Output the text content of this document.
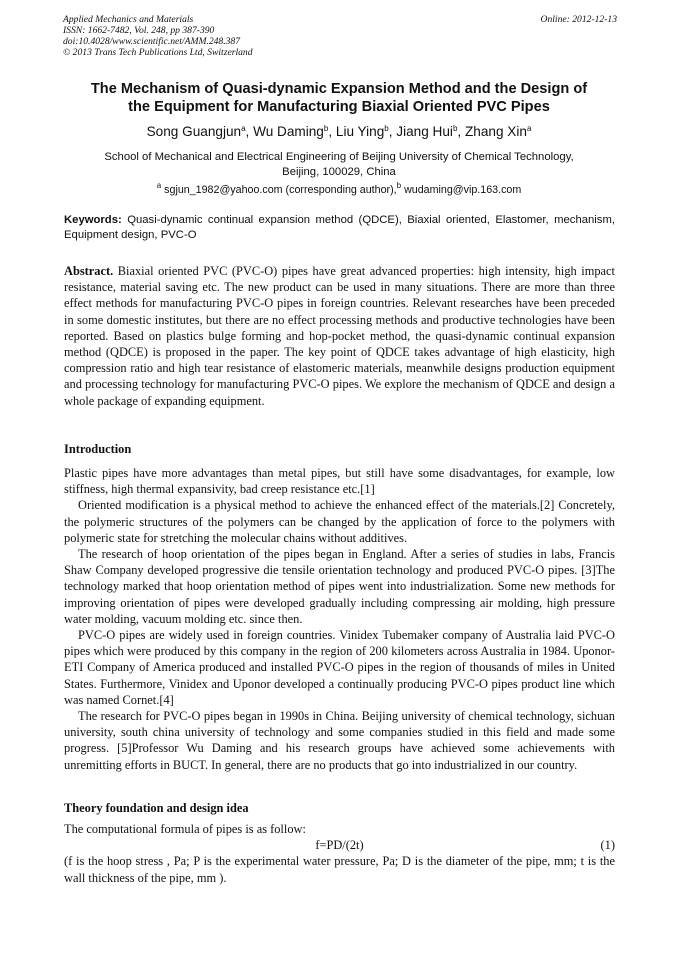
Applied Mechanics and Materials
ISSN: 1662-7482, Vol. 248, pp 387-390
doi:10.4028/www.scientific.net/AMM.248.387
© 2013 Trans Tech Publications Ltd, Switzerland
Online: 2012-12-13
The Mechanism of Quasi-dynamic Expansion Method and the Design of
the Equipment for Manufacturing Biaxial Oriented PVC Pipes
Song Guangjun$^a$, Wu Daming$^b$, Liu Ying$^b$, Jiang Hui$^b$, Zhang Xin$^a$
School of Mechanical and Electrical Engineering of Beijing University of Chemical Technology,
Beijing, 100029, China
$^a$ sgjun_1982@yahoo.com (corresponding author),$^b$ wudaming@vip.163.com
Keywords: Quasi-dynamic continual expansion method (QDCE), Biaxial oriented, Elastomer, mechanism, Equipment design, PVC-O
Abstract. Biaxial oriented PVC (PVC-O) pipes have great advanced properties: high intensity, high impact resistance, material saving etc. The new product can be used in many situations. There are more than three effect methods for manufacturing PVC-O pipes in foreign countries. Relevant researches have been preceded in some domestic institutes, but there are no effect processing methods and productive technologies have been reported. Based on plastics bulge forming and hop-pocket method, the quasi-dynamic continual expansion method (QDCE) is proposed in the paper. The key point of QDCE takes advantage of high elasticity, high compression ratio and high tear resistance of elastomeric materials, meanwhile designs production equipment and processing technology for manufacturing PVC-O pipes. We explore the mechanism of QDCE and design a whole package of expanding equipment.
Introduction

Plastic pipes have more advantages than metal pipes, but still have some disadvantages, for example, low stiffness, high thermal expansivity, bad creep resistance etc.[1]

Oriented modification is a physical method to achieve the enhanced effect of the materials.[2] Concretely, the polymeric structures of the polymers can be changed by the application of force to the polymers with polymeric state for stretching the molecular chains without additives.

The research of hoop orientation of the pipes began in England. After a series of studies in labs, Francis Shaw Company developed progressive die tensile orientation technology and produced PVC-O pipes. [3]The technology marked that hoop orientation method of pipes went into industrialization. Some new methods for improving orientation of pipes were developed gradually including compressing air molding, high pressure water molding, vacuum molding etc. since then.

PVC-O pipes are widely used in foreign countries. Vinidex Tubemaker company of Australia laid PVC-O pipes which were produced by this company in the region of 200 kilometers across Australia in 1984. Uponor-ETI Company of America produced and installed PVC-O pipes in the region of thousands of miles in United States. Furthermore, Vinidex and Uponor developed a continually producing PVC-O pipes product line which was named Cornet.[4]

The research for PVC-O pipes began in 1990s in China. Beijing university of chemical technology, sichuan university, south china university of technology and some companies studied in this field and made some progress. [5]Professor Wu Daming and his research groups have achieved some achievements with unremitting efforts in BUCT. In general, there are no products that go into industrialized in our country.

Theory foundation and design idea

The computational formula of pipes is as follow:

f=PD/(2t)	(1)

(f is the hoop stress , Pa; P is the experimental water pressure, Pa; D is the diameter of the pipe, mm; t is the wall thickness of the pipe, mm ).
